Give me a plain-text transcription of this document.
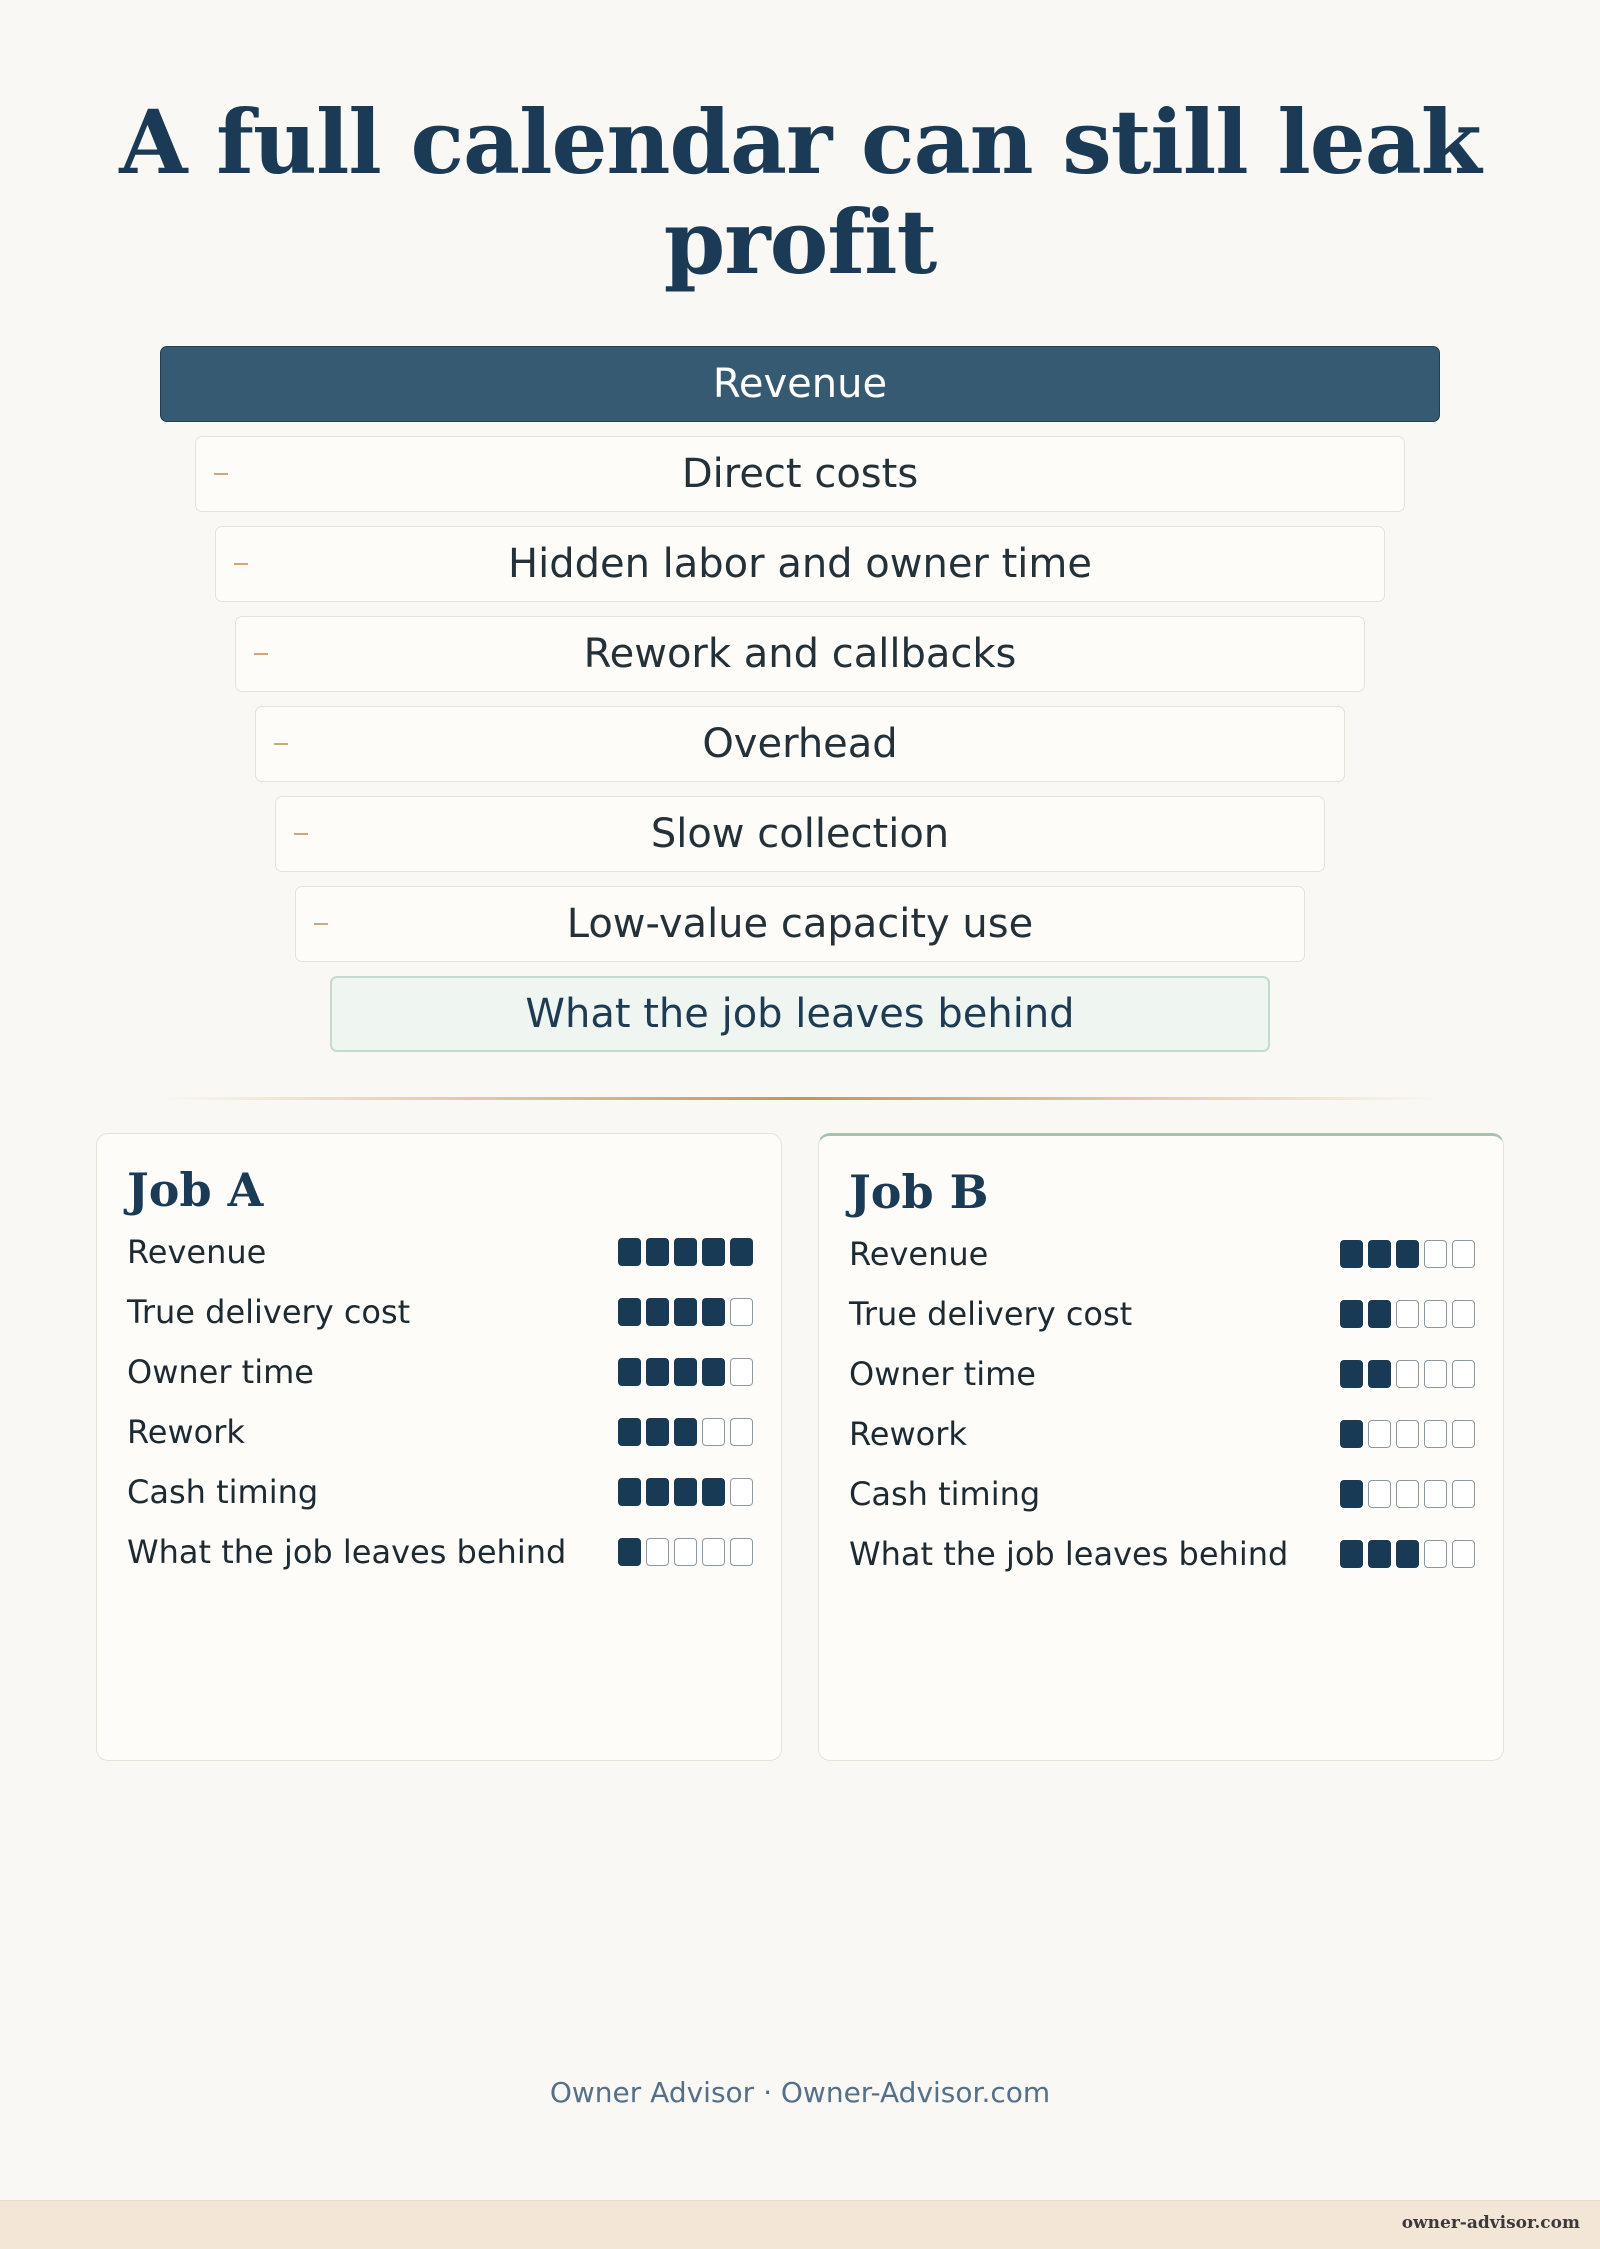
A full calendar can still leak profit
Revenue
Direct costs
Hidden labor and owner time
Rework and callbacks
Overhead
Slow collection
Low-value capacity use
What the job leaves behind
Job A
Revenue
True delivery cost
Owner time
Rework
Cash timing
What the job leaves behind
Job B
Revenue
True delivery cost
Owner time
Rework
Cash timing
What the job leaves behind
Owner Advisor · Owner-Advisor.com
owner-advisor.com
